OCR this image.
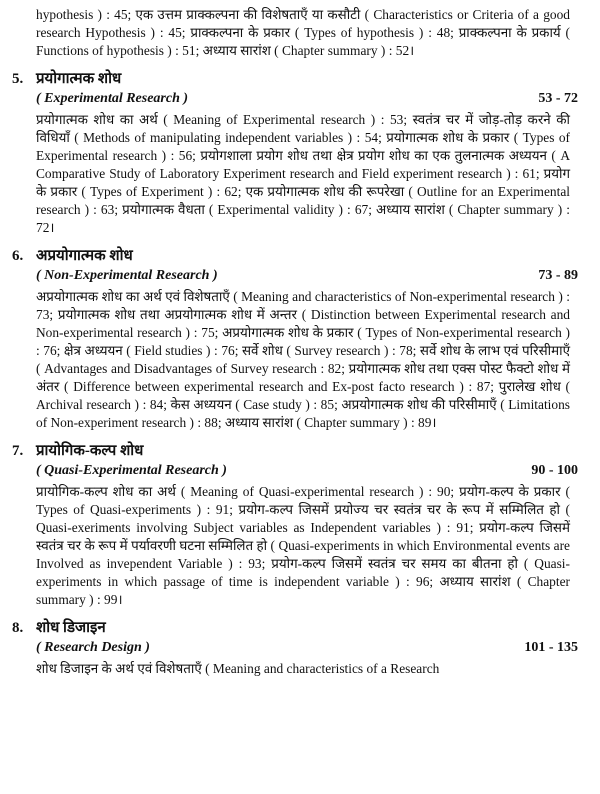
hypothesis ) : 45; एक उत्तम प्राक्कल्पना की विशेषताएँ या कसौटी ( Characteristics or Criteria of a good research Hypothesis ) : 45; प्राक्कल्पना के प्रकार ( Types of hypothesis ) : 48; प्राक्कल्पना के प्रकार्य ( Functions of hypothesis ) : 51; अध्याय सारांश ( Chapter summary ) : 52।

5. प्रयोगात्मक शोध
( Experimental Research )	53 - 72

प्रयोगात्मक शोध का अर्थ ( Meaning of Experimental research ) : 53; स्वतंत्र चर में जोड़-तोड़ करने की विधियाँ ( Methods of manipulating independent variables ) : 54; प्रयोगात्मक शोध के प्रकार ( Types of Experimental research ) : 56; प्रयोगशाला प्रयोग शोध तथा क्षेत्र प्रयोग शोध का एक तुलनात्मक अध्ययन ( A Comparative Study of Laboratory Experiment research and Field experiment research ) : 61; प्रयोग के प्रकार ( Types of Experiment ) : 62; एक प्रयोगात्मक शोध की रूपरेखा ( Outline for an Experimental research ) : 63; प्रयोगात्मक वैधता ( Experimental validity ) : 67; अध्याय सारांश ( Chapter summary ) : 72।

6. अप्रयोगात्मक शोध
( Non-Experimental Research )	73 - 89

अप्रयोगात्मक शोध का अर्थ एवं विशेषताएँ ( Meaning and characteristics of Non-experimental research ) : 73; प्रयोगात्मक शोध तथा अप्रयोगात्मक शोध में अन्तर ( Distinction between Experimental research and Non-experimental research ) : 75; अप्रयोगात्मक शोध के प्रकार ( Types of Non-experimental research ) : 76; क्षेत्र अध्ययन ( Field studies ) : 76; सर्वे शोध ( Survey research ) : 78; सर्वे शोध के लाभ एवं परिसीमाएँ ( Advantages and Disadvantages of Survey research : 82; प्रयोगात्मक शोध तथा एक्स पोस्ट फैक्टो शोध में अंतर ( Difference between experimental research and Ex-post facto research ) : 87; पुरालेख शोध ( Archival research ) : 84; केस अध्ययन ( Case study ) : 85; अप्रयोगात्मक शोध की परिसीमाएँ ( Limitations of Non-experiment research ) : 88; अध्याय सारांश ( Chapter summary ) : 89।

7. प्रायोगिक-कल्प शोध
( Quasi-Experimental Research )	90 - 100

प्रायोगिक-कल्प शोध का अर्थ ( Meaning of Quasi-experimental research ) : 90; प्रयोग-कल्प के प्रकार ( Types of Quasi-experiments ) : 91; प्रयोग-कल्प जिसमें प्रयोज्य चर स्वतंत्र चर के रूप में सम्मिलित हो ( Quasi-exeriments involving Subject variables as Independent variables ) : 91; प्रयोग-कल्प जिसमें स्वतंत्र चर के रूप में पर्यावरणी घटना सम्मिलित हो ( Quasi-experiments in which Environmental events are Involved as invependent Variable ) : 93; प्रयोग-कल्प जिसमें स्वतंत्र चर समय का बीतना हो ( Quasi-experiments in which passage of time is independent variable ) : 96; अध्याय सारांश ( Chapter summary ) : 99।

8. शोध डिजाइन
( Research Design )	101 - 135

शोध डिजाइन के अर्थ एवं विशेषताएँ ( Meaning and characteristics of a Research
